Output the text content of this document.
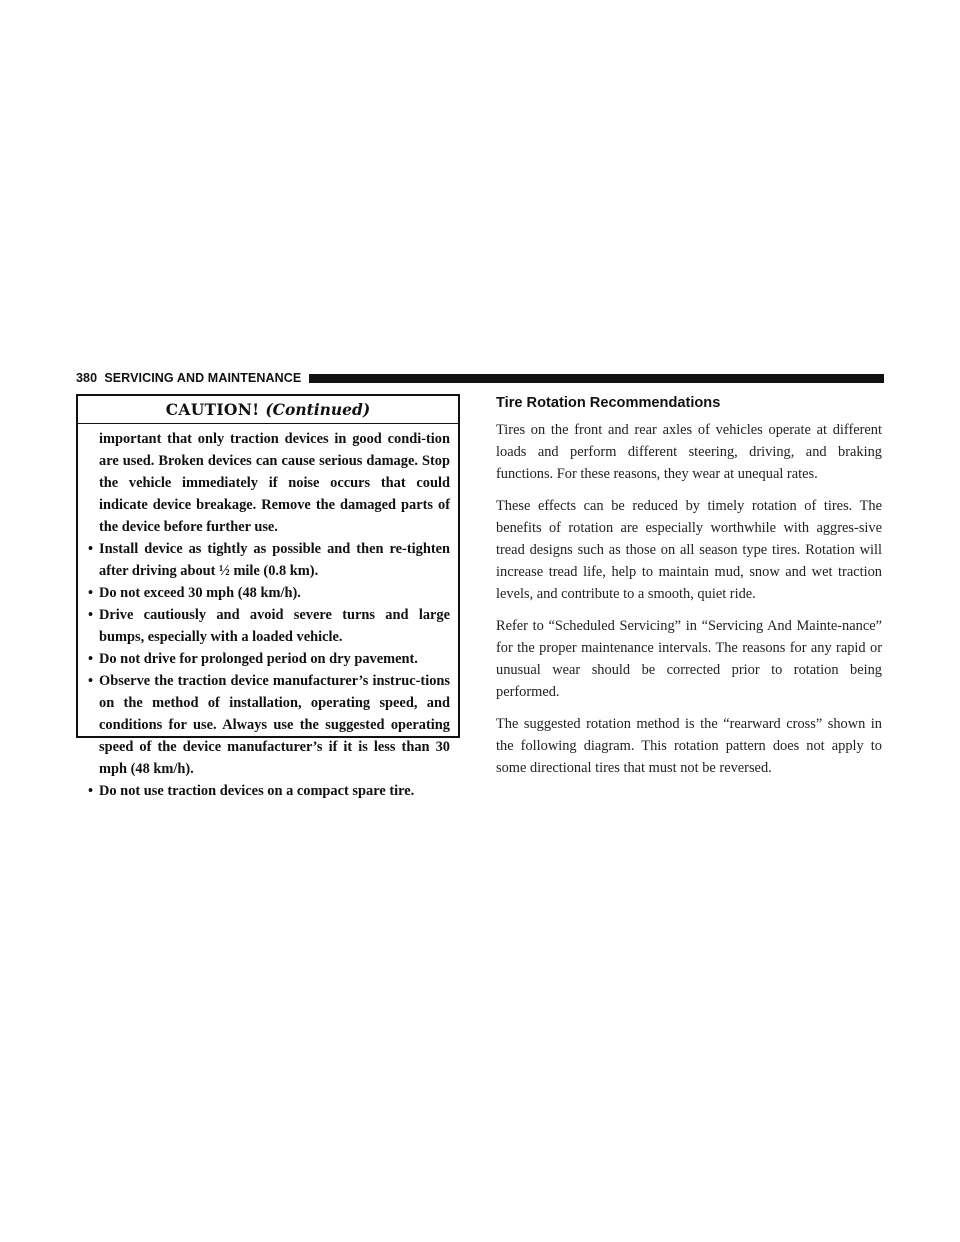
380 SERVICING AND MAINTENANCE
CAUTION! (Continued)

important that only traction devices in good condi-tion are used. Broken devices can cause serious damage. Stop the vehicle immediately if noise occurs that could indicate device breakage. Remove the damaged parts of the device before further use.

• Install device as tightly as possible and then re-tighten after driving about ½ mile (0.8 km).
• Do not exceed 30 mph (48 km/h).
• Drive cautiously and avoid severe turns and large bumps, especially with a loaded vehicle.
• Do not drive for prolonged period on dry pavement.
• Observe the traction device manufacturer’s instruc-tions on the method of installation, operating speed, and conditions for use. Always use the suggested operating speed of the device manufacturer’s if it is less than 30 mph (48 km/h).
• Do not use traction devices on a compact spare tire.
Tire Rotation Recommendations

Tires on the front and rear axles of vehicles operate at different loads and perform different steering, driving, and braking functions. For these reasons, they wear at unequal rates.

These effects can be reduced by timely rotation of tires. The benefits of rotation are especially worthwhile with aggres-sive tread designs such as those on all season type tires. Rotation will increase tread life, help to maintain mud, snow and wet traction levels, and contribute to a smooth, quiet ride.

Refer to “Scheduled Servicing” in “Servicing And Mainte-nance” for the proper maintenance intervals. The reasons for any rapid or unusual wear should be corrected prior to rotation being performed.

The suggested rotation method is the “rearward cross” shown in the following diagram. This rotation pattern does not apply to some directional tires that must not be reversed.
